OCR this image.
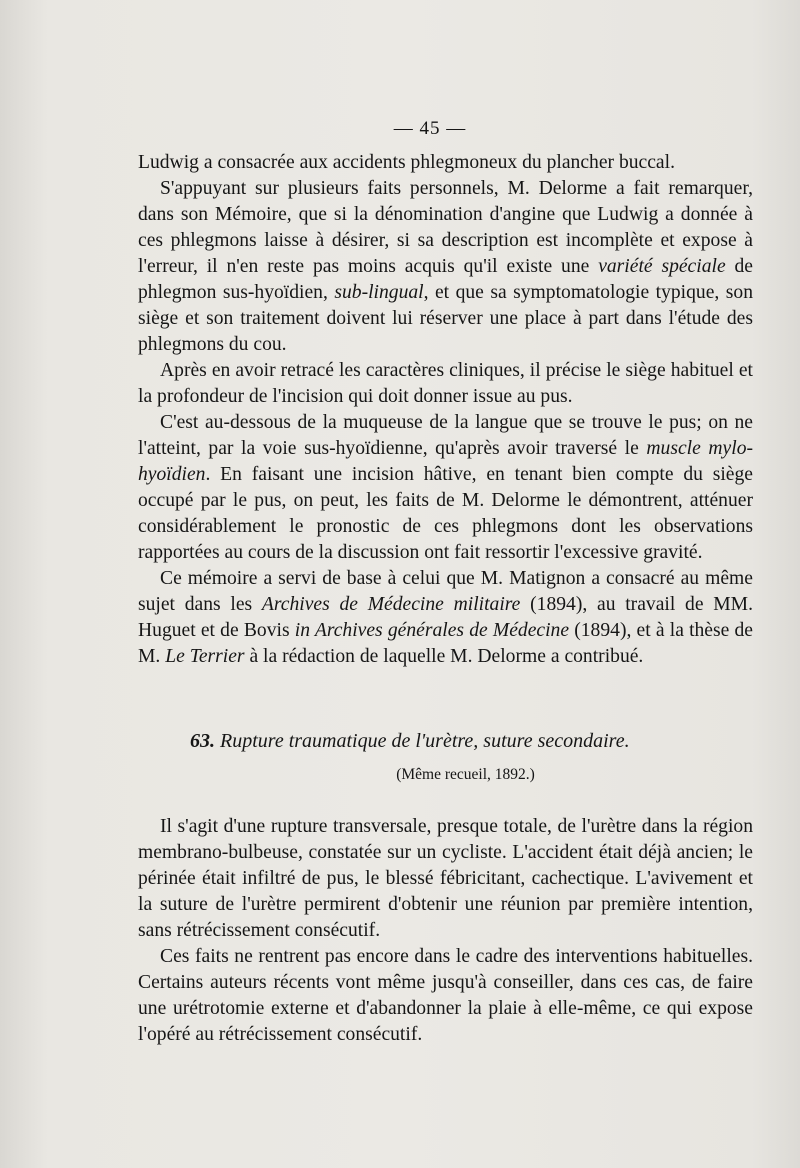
— 45 —

Ludwig a consacrée aux accidents phlegmoneux du plancher buccal.

S'appuyant sur plusieurs faits personnels, M. Delorme a fait remarquer, dans son Mémoire, que si la dénomination d'angine que Ludwig a donnée à ces phlegmons laisse à désirer, si sa description est incomplète et expose à l'erreur, il n'en reste pas moins acquis qu'il existe une variété spéciale de phlegmon sus-hyoïdien, sub-lingual, et que sa symptomatologie typique, son siège et son traitement doivent lui réserver une place à part dans l'étude des phlegmons du cou.

Après en avoir retracé les caractères cliniques, il précise le siège habituel et la profondeur de l'incision qui doit donner issue au pus.

C'est au-dessous de la muqueuse de la langue que se trouve le pus; on ne l'atteint, par la voie sus-hyoïdienne, qu'après avoir traversé le muscle mylo-hyoïdien. En faisant une incision hâtive, en tenant bien compte du siège occupé par le pus, on peut, les faits de M. Delorme le démontrent, atténuer considérablement le pronostic de ces phlegmons dont les observations rapportées au cours de la discussion ont fait ressortir l'excessive gravité.

Ce mémoire a servi de base à celui que M. Matignon a consacré au même sujet dans les Archives de Médecine militaire (1894), au travail de MM. Huguet et de Bovis in Archives générales de Médecine (1894), et à la thèse de M. Le Terrier à la rédaction de laquelle M. Delorme a contribué.

63. Rupture traumatique de l'urètre, suture secondaire.

(Même recueil, 1892.)

Il s'agit d'une rupture transversale, presque totale, de l'urètre dans la région membrano-bulbeuse, constatée sur un cycliste. L'accident était déjà ancien; le périnée était infiltré de pus, le blessé fébricitant, cachectique. L'avivement et la suture de l'urètre permirent d'obtenir une réunion par première intention, sans rétrécissement consécutif.

Ces faits ne rentrent pas encore dans le cadre des interventions habituelles. Certains auteurs récents vont même jusqu'à conseiller, dans ces cas, de faire une urétrotomie externe et d'abandonner la plaie à elle-même, ce qui expose l'opéré au rétrécissement consécutif.
